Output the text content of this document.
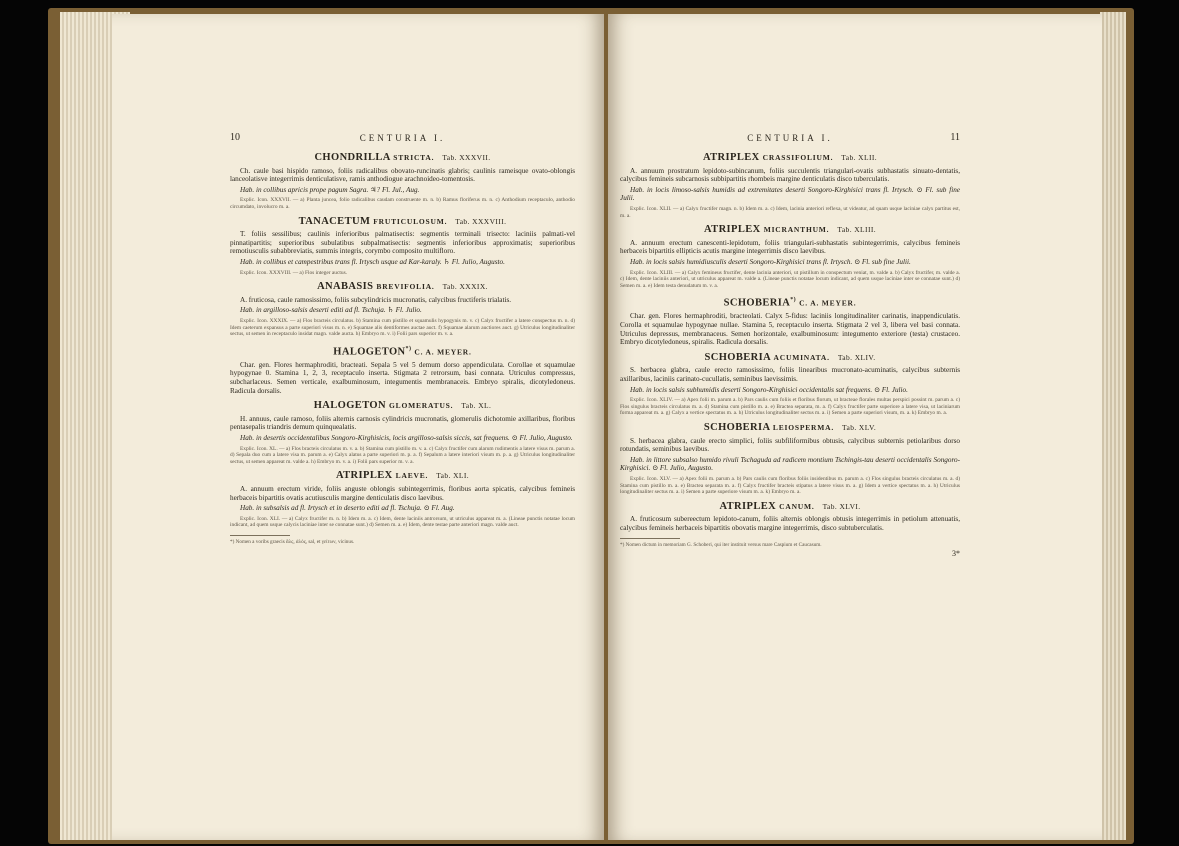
10	CENTURIA I.
CHONDRILLA STRICTA. Tab. XXXVII.

Ch. caule basi hispido ramoso, foliis radicalibus obovato-runcinatis glabris; caulinis rameisque ovato-oblongis lanceolatisve integerrimis denticulatisve, ramis anthodiogue arachnoideo-tomentosis.

Hab. in collibus apricis prope pagum Sagra. ♃? Fl. Jul., Aug.

Explic. Icon. XXXVII. — a) Planta juncea, folio radicalibus caudam construente m. n. b) Ramus floriferus m. n. c) Anthodium receptaculo, anthodio circumdato, involucro m. a.

TANACETUM FRUTICULOSUM. Tab. XXXVIII.

T. foliis sessilibus; caulinis inferioribus palmatisectis: segmentis terminali trisecto: laciniis palmati-vel pinnatipartitis; superioribus subulatibus subpalmatisectis: segmentis inferioribus approximatis; superioribus remotiusculis subabbreviatis, summis integris, corymbo composito multifloro.

Hab. in collibus et campestribus trans fl. Irtysch usque ad Kar-karaly. ♄ Fl. Julio, Augusto.

Explic. Icon. XXXVIII. — a) Flos integer auctus.

ANABASIS BREVIFOLIA. Tab. XXXIX.

A. fruticosa, caule ramosissimo, foliis subcylindricis mucronatis, calycibus fructiferis trialatis.

Hab. in argilloso-salsis deserti editi ad fl. Tschuja. ♄ Fl. Julio.

Explic. Icon. XXXIX. — a) Flos bracteis circulatus. b) Stamina cum pistillo et squamulis hypogynis m. v. c) Calyx fructifer a latere conspectus m. n. d) Idem caeterum expansus a parte superiori visus m. n. e) Squamae alis dentiformes auctae auct. f) Squamae alarum auctiores auct. g) Utriculus longitudinaliter sectus, ut semen in receptaculo insidat magn. valde aucta. h) Embryo m. v. i) Folii pars superior m. v. a.

HALOGETON*) C. A. MEYER.

Char. gen. Flores hermaphroditi, bracteati. Sepala 5 vel 5 demum dorso appendiculata. Corollae et squamulae hypogynae 0. Stamina 1, 2, 3, receptaculo inserta. Stigmata 2 retrorsum, basi connata. Utriculus compressus, subcharlaceus. Semen verticale, exalbuminosum, integumentis membranaceis. Embryo spiralis, dicotyledoneus. Radicula dorsalis.

HALOGETON GLOMERATUS. Tab. XL.

H. annuus, caule ramoso, foliis alternis carnosis cylindricis mucronatis, glomerulis dichotomie axillaribus, floribus pentasepalis triandris demum quinquealatis.

Hab. in desertis occidentalibus Songoro-Kirghisicis, locis argilloso-salsis siccis, sat frequens. ⊙ Fl. Julio, Augusto.

Explic. Icon. XL. — a) Flos bracteis circulatus m. v. a. b) Stamina cum pistillo m. v. a. c) Calyx fructifer cum alarum rudimentis a latere visus m. parum a. d) Sepala duo cum a latere visa m. parum a. e) Calyx alatus a parte superiori m. p. a. f) Sepalum a latere interiori visum m. p. a. g) Utriculus longitudinaliter sectus, ut semen appareat m. valde a. h) Embryo m. v. a. i) Folii pars superior m. v. a.

ATRIPLEX LAEVE. Tab. XLI.

A. annuum erectum viride, foliis anguste oblongis subintegerrimis, floribus aorta spicatis, calycibus femineis herbaceis bipartitis ovatis acutiusculis margine denticulatis disco laevibus.

Hab. in subsalsis ad fl. Irtysch et in deserto editi ad fl. Tschuja. ⊙ Fl. Aug.

Explic. Icon. XLI. — a) Calyx fructifer m. n. b) Idem m. a. c) Idem, dente laciniis antrorsum, ut utriculus appareat m. a. (Lineae punctis notatae locum indicant, ad quem usque calycis laciniae inter se connatae sunt.) d) Semen m. a. e) Idem, dente testae parte anteriori magn. valde auct.

*) Nomen a voribs graecis ἅλς, ἁλός, sal, et γείτων, vicinus.
CENTURIA I.	11
ATRIPLEX CRASSIFOLIUM. Tab. XLII.

A. annuum prostratum lepidoto-subincanum, foliis succulentis triangulari-ovatis subhastatis sinuato-dentatis, calycibus femineis subcarnosis subbipartitis rhombeis margine denticulatis disco tuberculatis.

Hab. in locis limoso-salsis humidis ad extremitates deserti Songoro-Kirghisici trans fl. Irtysch. ⊙ Fl. sub fine Julii.

Explic. Icon. XLII. — a) Calyx fructifer magn. n. b) Idem m. a. c) Idem, lacinia anteriori reflexa, ut videatur, ad quam usque laciniae calyx partitus est, m. a.

ATRIPLEX MICRANTHUM. Tab. XLIII.

A. annuum erectum canescenti-lepidotum, foliis triangulari-subhastatis subintegerrimis, calycibus femineis herbaceis bipartitis ellipticis acutis margine integerrimis disco laevibus.

Hab. in locis salsis humidiusculis deserti Songoro-Kirghisici trans fl. Irtysch. ⊙ Fl. sub fine Julii.

Explic. Icon. XLIII. — a) Calyx femineus fructifer, dente lacinia anteriori, ut pistillum in conspectum veniat, m. valde a. b) Calyx fructifer, m. valde a. c) Idem, dente laciniis anteriori, ut utriculus appareat m. valde a. (Lineae punctis notatae locum indicant, ad quem usque laciniae inter se connatae sunt.) d) Semen m. a. e) Idem testa denudatum m. v. a.

SCHOBERIA*) C. A. MEYER.

Char. gen. Flores hermaphroditi, bracteolati. Calyx 5-fidus: laciniis longitudinaliter carinatis, inappendiculatis. Corolla et squamulae hypogynae nullae. Stamina 5, receptaculo inserta. Stigmata 2 vel 3, libera vel basi connata. Utriculus depressus, membranaceus. Semen horizontale, exalbuminosum: integumento exteriore (testa) crustaceo. Embryo dicotyledoneus, spiralis. Radicula dorsalis.

SCHOBERIA ACUMINATA. Tab. XLIV.

S. herbacea glabra, caule erecto ramosissimo, foliis linearibus mucronato-acuminatis, calycibus subternis axillaribus, laciniis carinato-cucullatis, seminibus laevissimis.

Hab. in locis salsis subhumidis deserti Songoro-Kirghisici occidentalis sat frequens. ⊙ Fl. Julio.

Explic. Icon. XLIV. — a) Apex folii m. parum a. b) Pars caulis cum foliis et floribus florum, ut bracteae florales multas perspici possint m. parum a. c) Flos singulus bracteis circulatus m. a. d) Stamina cum pistillo m. a. e) Bractea separata, m. a. f) Calyx fructifer parte superiore a latere visa, ut laciniarum forma appareat m. a. g) Calyx a vertice spectatus m. a. h) Utriculus longitudinaliter sectus m. a. i) Semen a parte superiori visum, m. a. k) Embryo m. a.

SCHOBERIA LEIOSPERMA. Tab. XLV.

S. herbacea glabra, caule erecto simplici, foliis subfiliformibus obtusis, calycibus subternis petiolaribus dorso rotundatis, seminibus laevibus.

Hab. in littore subsalso humido rivuli Tschaguda ad radicem montium Tschingis-tau deserti occidentalis Songoro-Kirghisici. ⊙ Fl. Julio, Augusto.

Explic. Icon. XLV. — a) Apex folii m. parum a. b) Pars caulis cum floribus foliis insidentibus m. parum a. c) Flos singulus bracteis circulatus m. a. d) Stamina cum pistillo m. a. e) Bractea separata m. a. f) Calyx fructifer bracteis stipatus a latere visus m. a. g) Idem a vertice spectatus m. a. h) Utriculus longitudinaliter sectus m. a. i) Semen a parte superiore visum m. a. k) Embryo m. a.

ATRIPLEX CANUM. Tab. XLVI.

A. fruticosum subereectum lepidoto-canum, foliis alternis oblongis obtusis integerrimis in petiolum attenuatis, calycibus femineis herbaceis bipartitis obovatis margine integerrimis, disco subtuberculatis.

*) Nomen dictum in memoriam G. Schoberi, qui iter instituit versus mare Caspium et Caucasum.
3*
